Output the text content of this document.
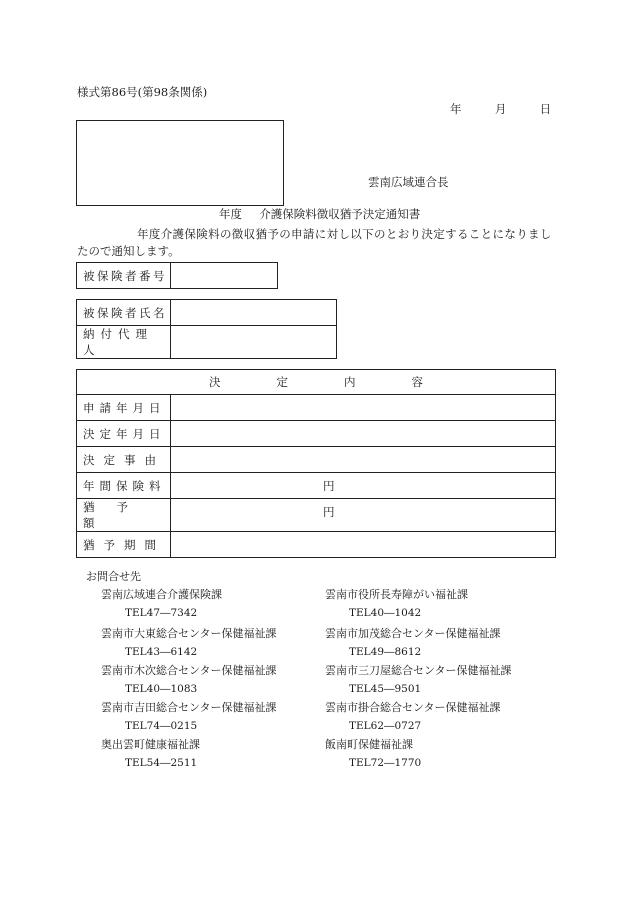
様式第86号(第98条関係)
年	月	日
雲南広域連合長
年度 介護保険料徴収猶予決定通知書
年度介護保険料の徴収猶予の申請に対し以下のとおり決定することになりまし
たので通知します。
被保険者番号	
被保険者氏名	
納付代理人	
決 定 内 容	
申請年月日	
決定年月日	
決定事由	
年間保険料	円

猶予額	円

猶予期間	
お問合せ先
雲南広域連合介護保険課
TEL47―7342
雲南市役所長寿障がい福祉課
TEL40―1042
雲南市大東総合センター保健福祉課
TEL43―6142
雲南市加茂総合センター保健福祉課
TEL49―8612
雲南市木次総合センター保健福祉課
TEL40―1083
雲南市三刀屋総合センター保健福祉課
TEL45―9501
雲南市吉田総合センター保健福祉課
TEL74―0215
雲南市掛合総合センター保健福祉課
TEL62―0727
奥出雲町健康福祉課
TEL54―2511
飯南町保健福祉課
TEL72―1770
